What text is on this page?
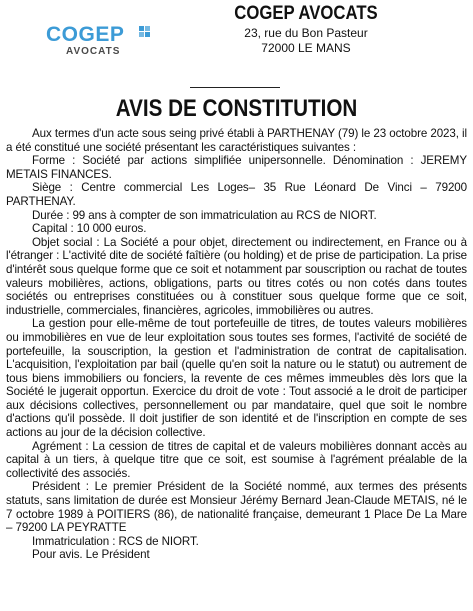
COGEP
AVOCATS
COGEP AVOCATS
23, rue du Bon Pasteur
72000 LE MANS
AVIS DE CONSTITUTION

Aux termes d'un acte sous seing privé établi à PARTHENAY (79) le 23 octobre 2023, il a été constitué une société présentant les caractéristiques suivantes :

Forme : Société par actions simplifiée unipersonnelle. Dénomination : JEREMY METAIS FINANCES.

Siège : Centre commercial Les Loges– 35 Rue Léonard De Vinci – 79200 PARTHENAY.

Durée : 99 ans à compter de son immatriculation au RCS de NIORT.

Capital : 10 000 euros.

Objet social : La Société a pour objet, directement ou indirectement, en France ou à l'étranger : L'activité dite de société faîtière (ou holding) et de prise de participation. La prise d'intérêt sous quelque forme que ce soit et notamment par souscription ou rachat de toutes valeurs mobilières, actions, obligations, parts ou titres cotés ou non cotés dans toutes sociétés ou entreprises constituées ou à constituer sous quelque forme que ce soit, industrielle, commerciales, financières, agricoles, immobilières ou autres.

La gestion pour elle-même de tout portefeuille de titres, de toutes valeurs mobilières ou immobilières en vue de leur exploitation sous toutes ses formes, l'activité de société de portefeuille, la souscription, la gestion et l'administration de contrat de capitalisation. L'acquisition, l'exploitation par bail (quelle qu'en soit la nature ou le statut) ou autrement de tous biens immobiliers ou fonciers, la revente de ces mêmes immeubles dès lors que la Société le jugerait opportun. Exercice du droit de vote : Tout associé a le droit de participer aux décisions collectives, personnellement ou par mandataire, quel que soit le nombre d'actions qu'il possède. Il doit justifier de son identité et de l'inscription en compte de ses actions au jour de la décision collective.

Agrément : La cession de titres de capital et de valeurs mobilières donnant accès au capital à un tiers, à quelque titre que ce soit, est soumise à l'agrément préalable de la collectivité des associés.

Président : Le premier Président de la Société nommé, aux termes des présents statuts, sans limitation de durée est Monsieur Jérémy Bernard Jean-Claude METAIS, né le 7 octobre 1989 à POITIERS (86), de nationalité française, demeurant 1 Place De La Mare – 79200 LA PEYRATTE

Immatriculation : RCS de NIORT.

Pour avis. Le Président
